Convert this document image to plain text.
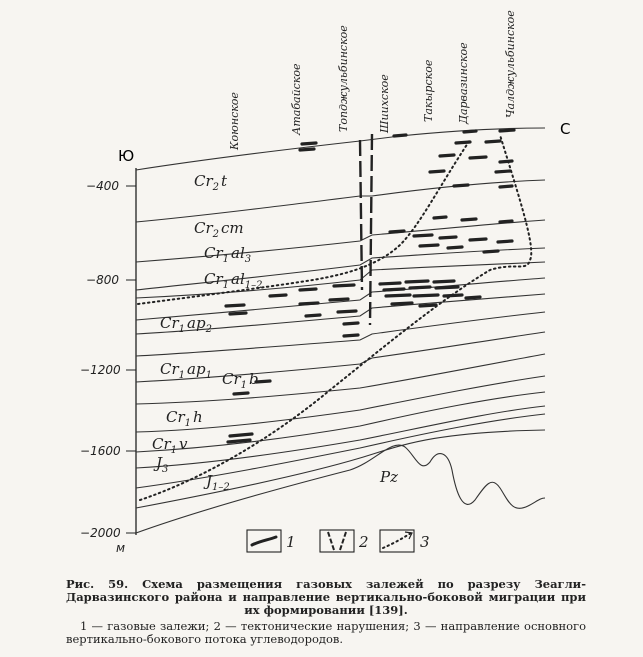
−400
−800
−1200
−1600
−2000
м
Ю
С
Коюнское	Атабайское	Топджульбинское	Шиихское	Такырское Дарвазинское	Чалджульбинское
$Cr_2$ t
$Cr_2$ cm
$Cr_1$ $al_3$
$Cr_1$ $al_{1-2}$
$Cr_1$ $ap_2$
$Cr_1$ $ap_1$ $Cr_1$ b
$Cr_1$ h
$Cr_1$ v
$J_3$
$J_{1-2}$
Pz
1	2	3
Рис. 59. Схема размещения газовых залежей по разрезу Зеагли-Дарвазинского района и направление вертикально-боковой миграции при их формировании [139].
1 — газовые залежи; 2 — тектонические нарушения; 3 — направление основного вертикально-бокового потока углеводородов.
